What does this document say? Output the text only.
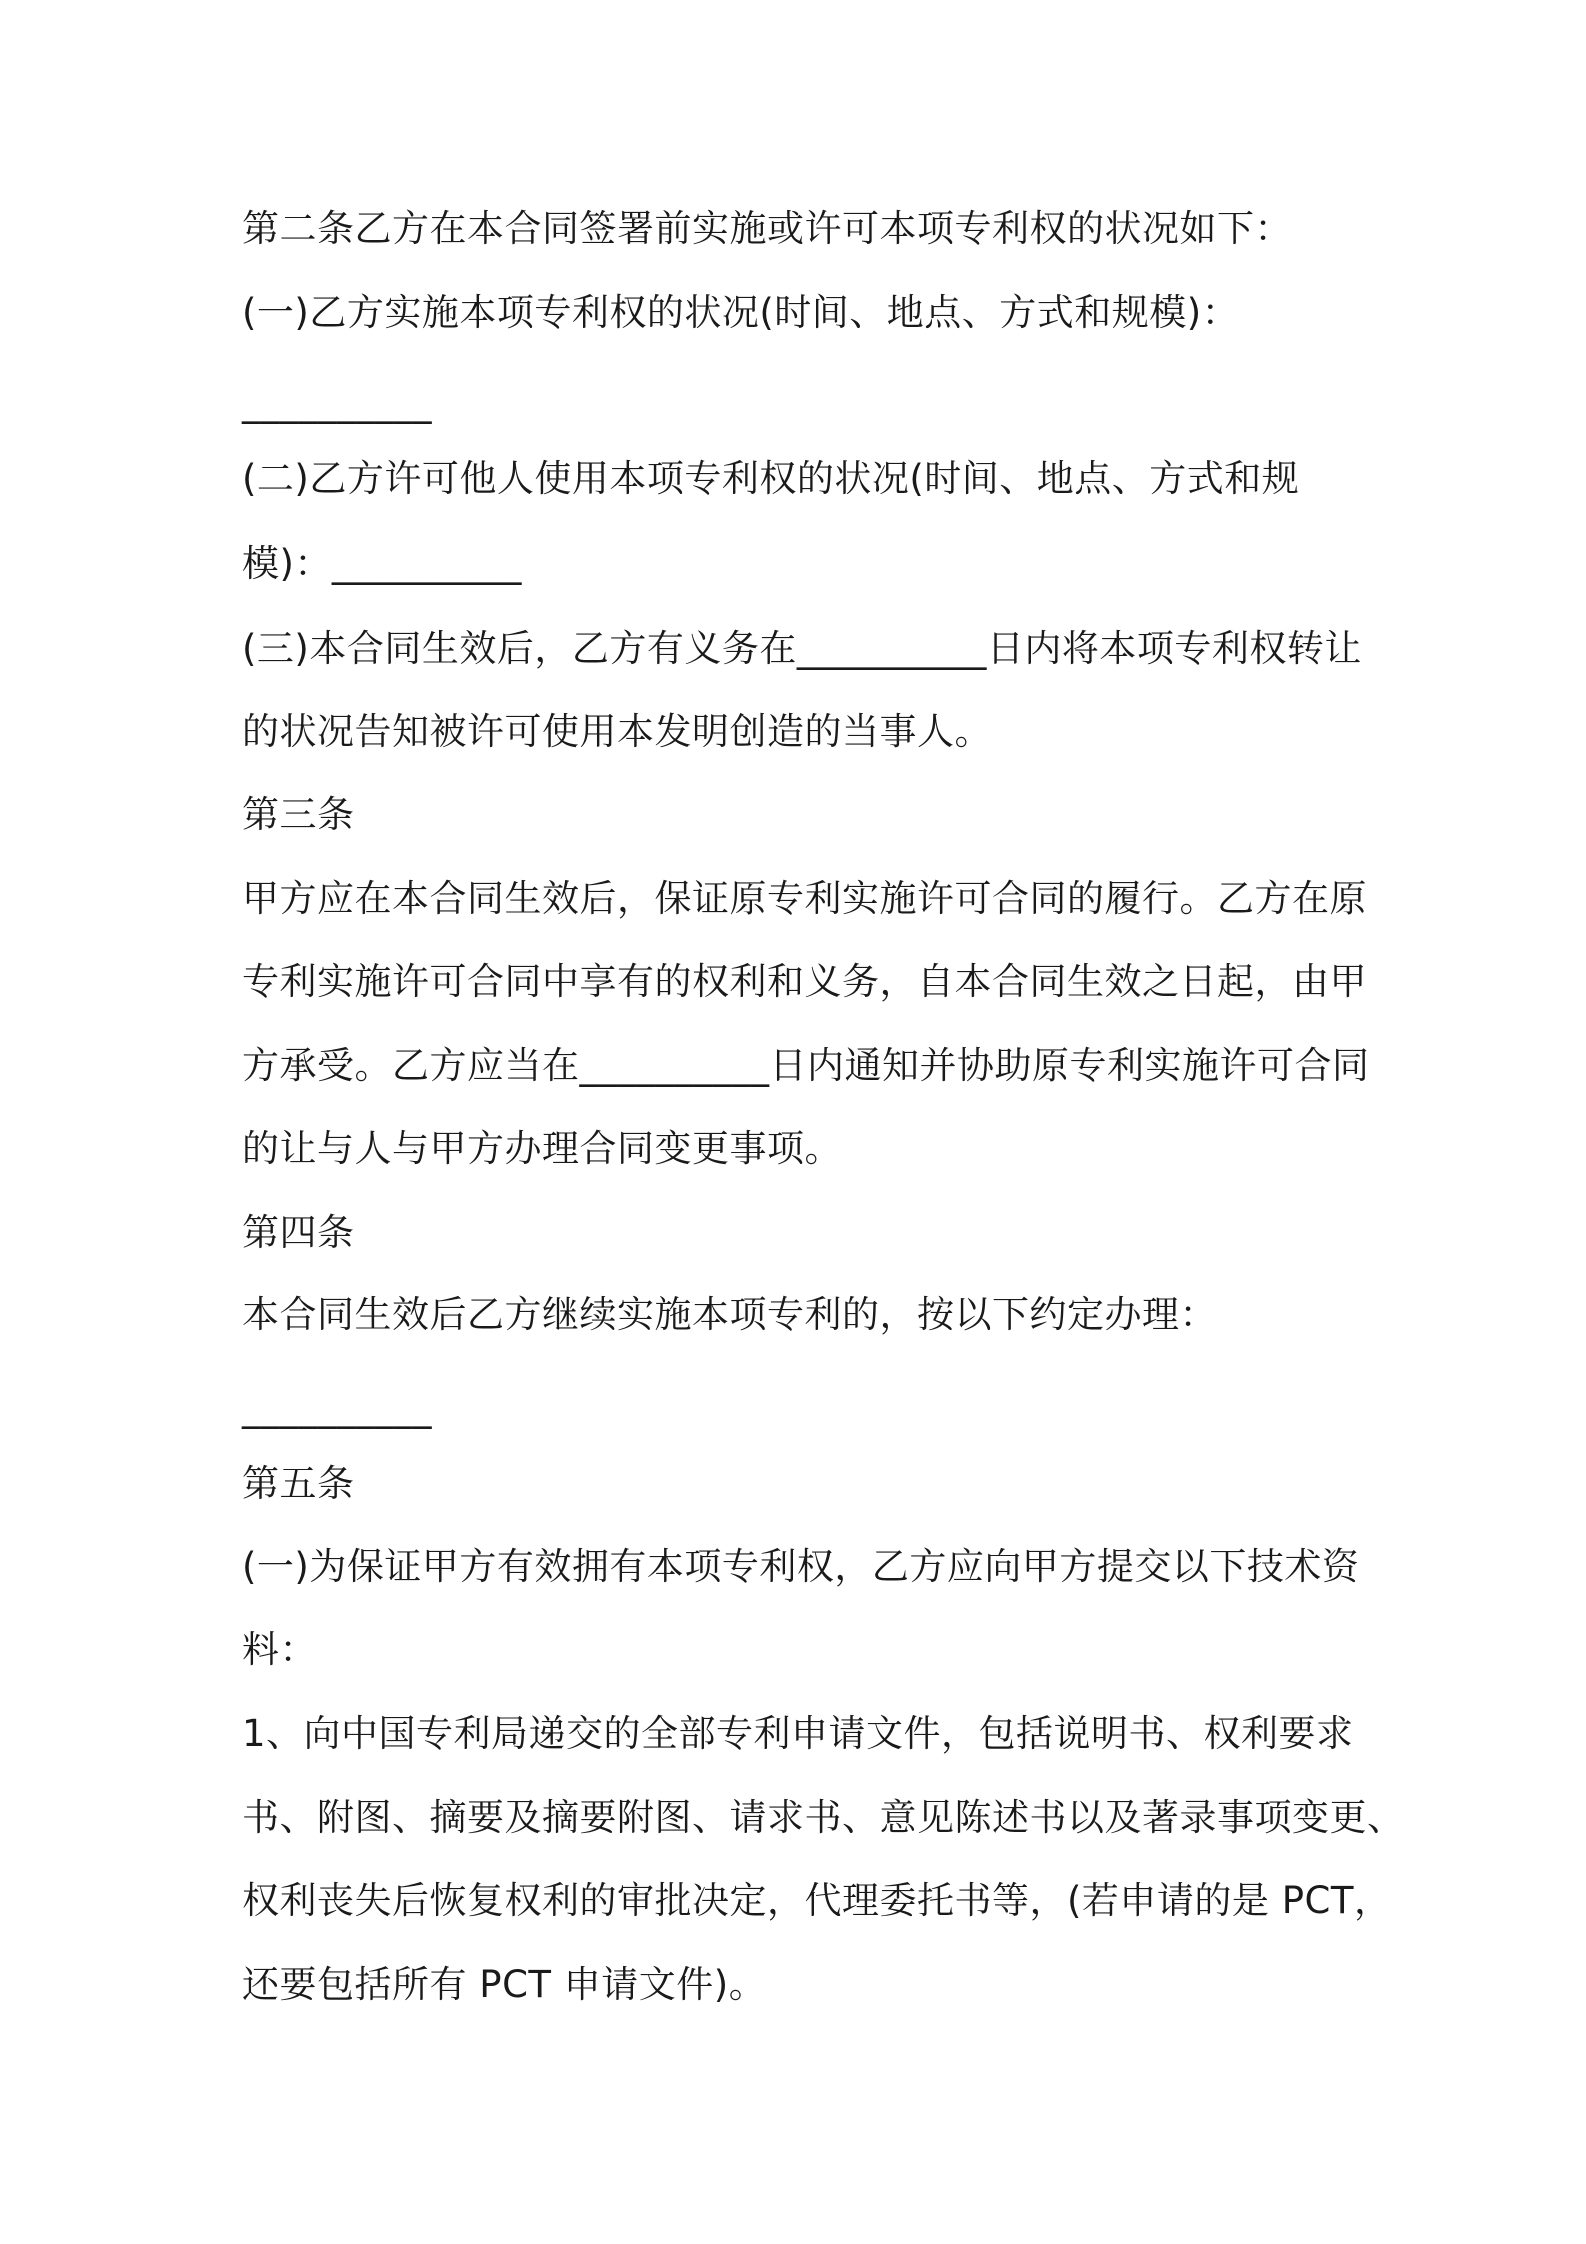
第二条乙方在本合同签署前实施或许可本项专利权的状况如下：
(一)乙方实施本项专利权的状况(时间、地点、方式和规模)：
__________
(二)乙方许可他人使用本项专利权的状况(时间、地点、方式和规
模)：__________
(三)本合同生效后，乙方有义务在__________日内将本项专利权转让
的状况告知被许可使用本发明创造的当事人。
第三条
甲方应在本合同生效后，保证原专利实施许可合同的履行。乙方在原
专利实施许可合同中享有的权利和义务，自本合同生效之日起，由甲
方承受。乙方应当在__________日内通知并协助原专利实施许可合同
的让与人与甲方办理合同变更事项。
第四条
本合同生效后乙方继续实施本项专利的，按以下约定办理：
__________
第五条
(一)为保证甲方有效拥有本项专利权，乙方应向甲方提交以下技术资
料：
1、向中国专利局递交的全部专利申请文件，包括说明书、权利要求
书、附图、摘要及摘要附图、请求书、意见陈述书以及著录事项变更、
权利丧失后恢复权利的审批决定，代理委托书等，(若申请的是 PCT，
还要包括所有 PCT 申请文件)。
